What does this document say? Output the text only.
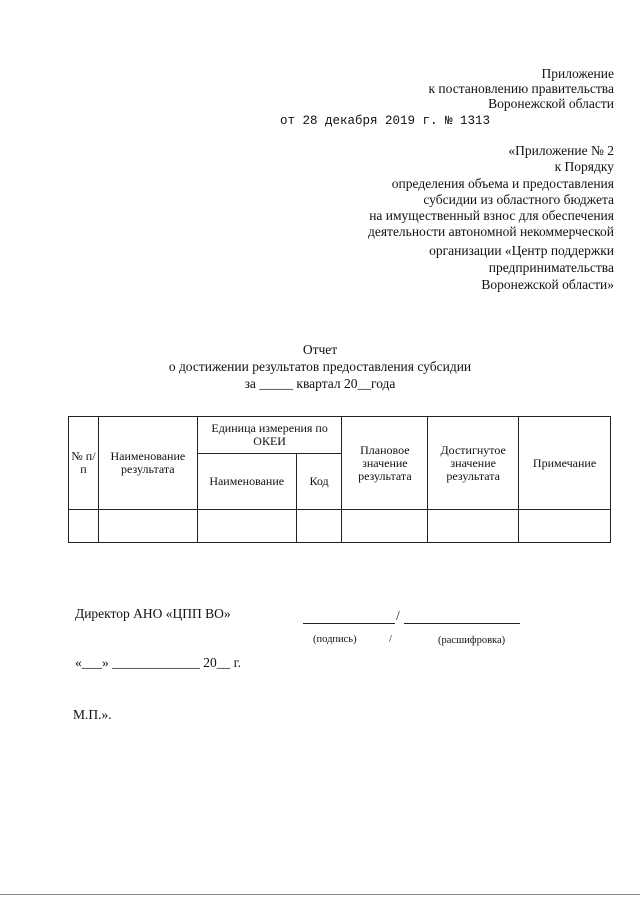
Приложение
к постановлению правительства
Воронежской области
от 28 декабря 2019 г. № 1313
«Приложение № 2
к Порядку
определения объема и предоставления
субсидии из областного бюджета
на имущественный взнос для обеспечения
деятельности автономной некоммерческой
организации «Центр поддержки
предпринимательства
Воронежской области»
Отчет
о достижении результатов предоставления субсидии
за _____ квартал 20__года
№ п/п	Наименование результата	Единица измерения по ОКЕИ		Плановое значение результата	Достигнутое значение результата	Примечание
		Наименование	Код			

Директор АНО «ЦПП ВО»	/
(подпись)	/	(расшифровка)
«___» _____________ 20__ г.
М.П.».
